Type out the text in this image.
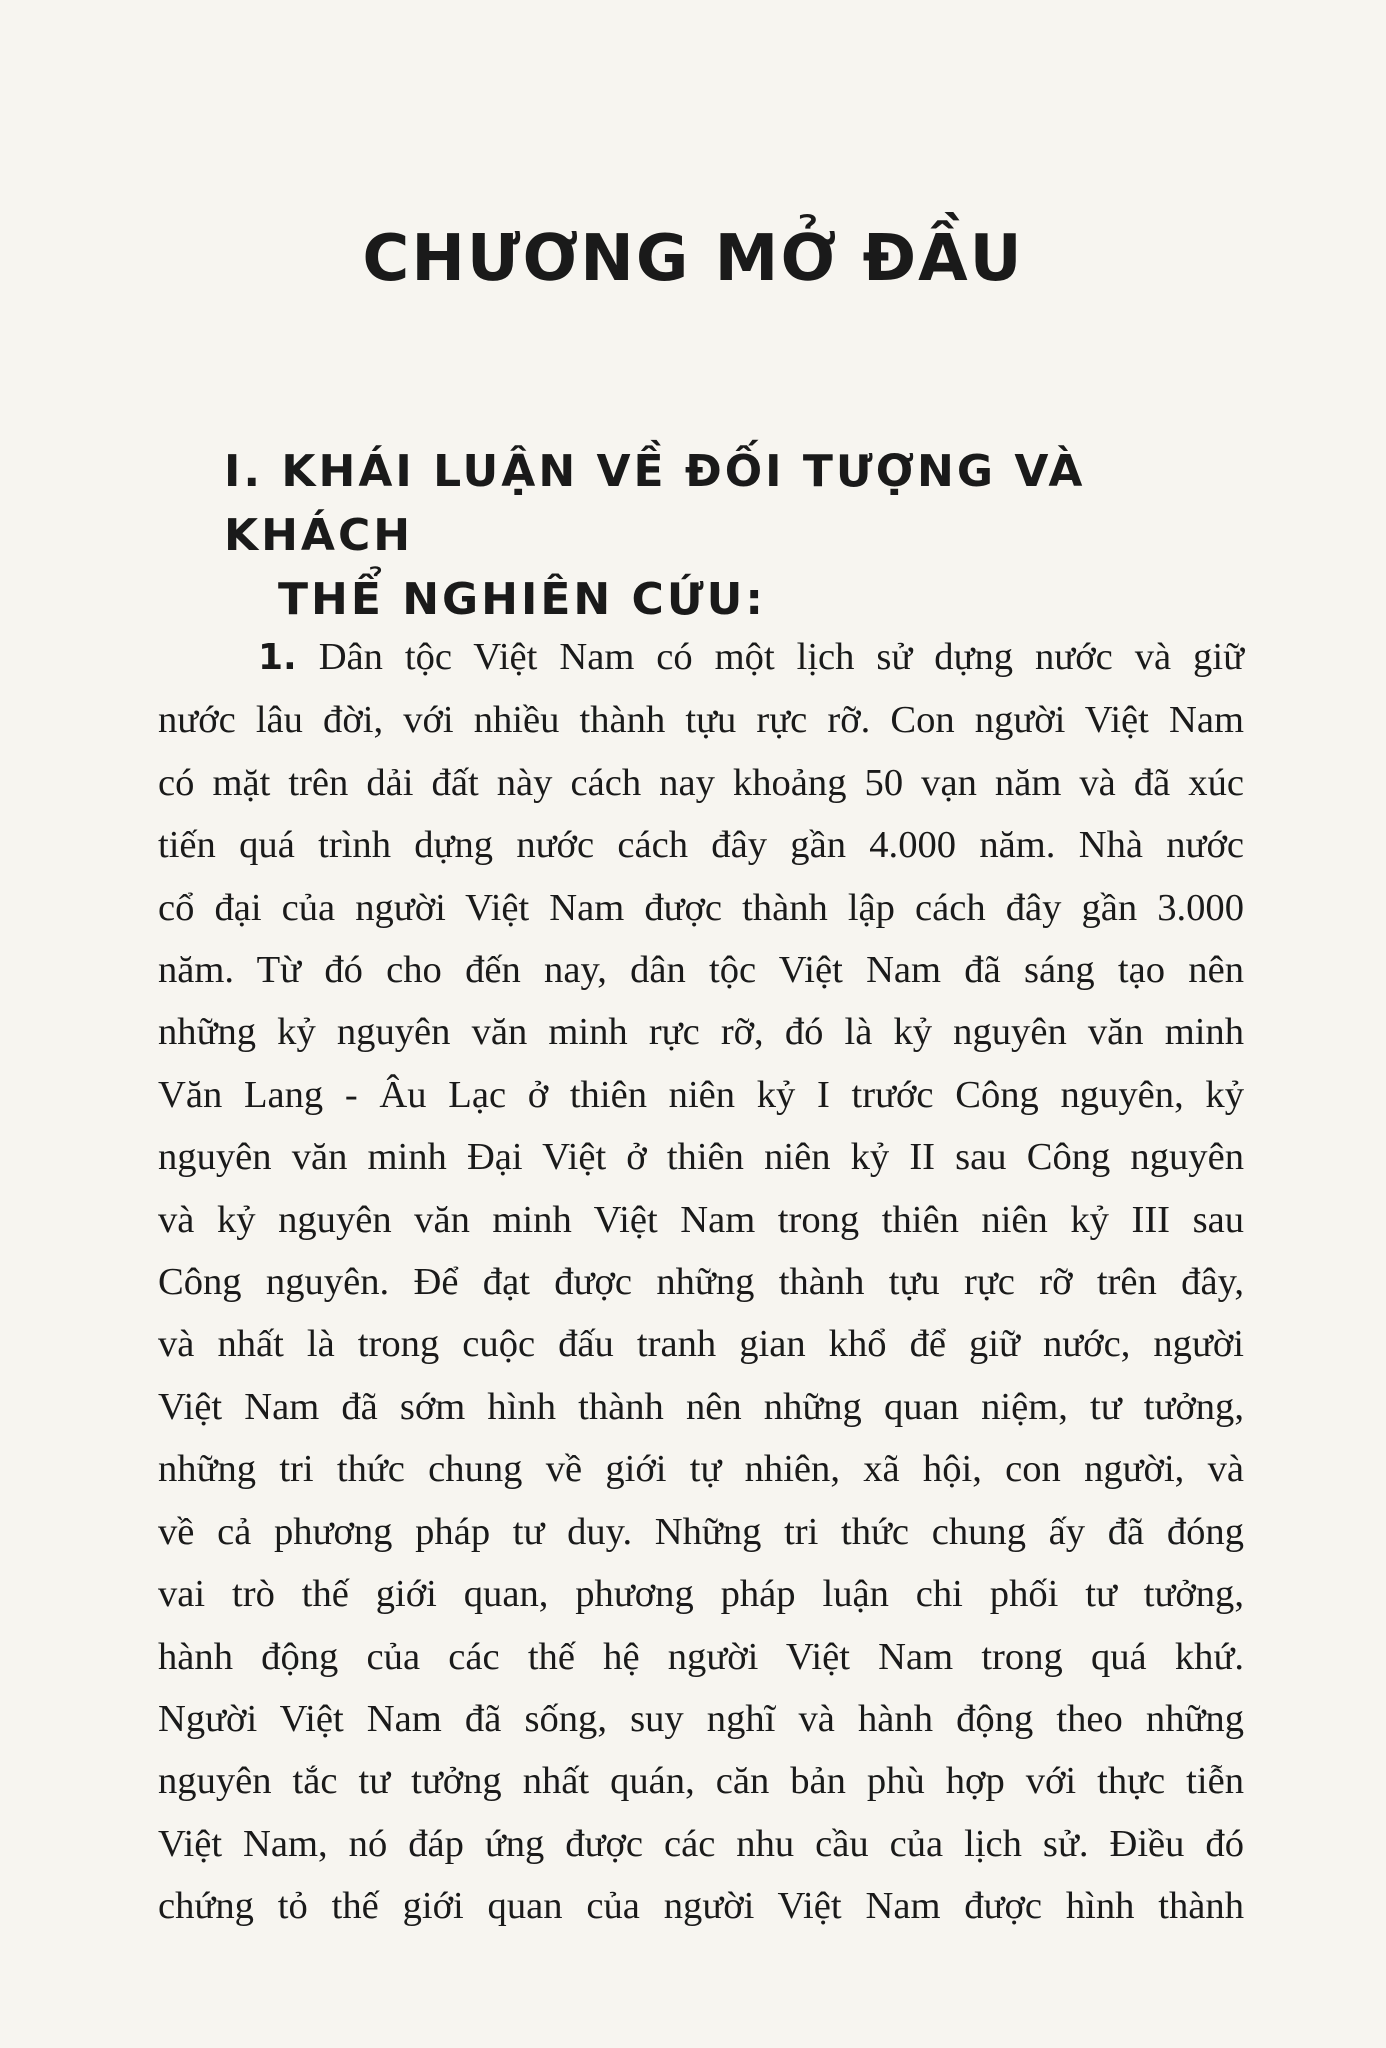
CHƯƠNG MỞ ĐẦU
I. KHÁI LUẬN VỀ ĐỐI TƯỢNG VÀ KHÁCH
THỂ NGHIÊN CỨU:
1. Dân tộc Việt Nam có một lịch sử dựng nước và giữ
nước lâu đời, với nhiều thành tựu rực rỡ. Con người Việt Nam
có mặt trên dải đất này cách nay khoảng 50 vạn năm và đã xúc
tiến quá trình dựng nước cách đây gần 4.000 năm. Nhà nước
cổ đại của người Việt Nam được thành lập cách đây gần 3.000
năm. Từ đó cho đến nay, dân tộc Việt Nam đã sáng tạo nên
những kỷ nguyên văn minh rực rỡ, đó là kỷ nguyên văn minh
Văn Lang - Âu Lạc ở thiên niên kỷ I trước Công nguyên, kỷ
nguyên văn minh Đại Việt ở thiên niên kỷ II sau Công nguyên
và kỷ nguyên văn minh Việt Nam trong thiên niên kỷ III sau
Công nguyên. Để đạt được những thành tựu rực rỡ trên đây,
và nhất là trong cuộc đấu tranh gian khổ để giữ nước, người
Việt Nam đã sớm hình thành nên những quan niệm, tư tưởng,
những tri thức chung về giới tự nhiên, xã hội, con người, và
về cả phương pháp tư duy. Những tri thức chung ấy đã đóng
vai trò thế giới quan, phương pháp luận chi phối tư tưởng,
hành động của các thế hệ người Việt Nam trong quá khứ.
Người Việt Nam đã sống, suy nghĩ và hành động theo những
nguyên tắc tư tưởng nhất quán, căn bản phù hợp với thực tiễn
Việt Nam, nó đáp ứng được các nhu cầu của lịch sử. Điều đó
chứng tỏ thế giới quan của người Việt Nam được hình thành
